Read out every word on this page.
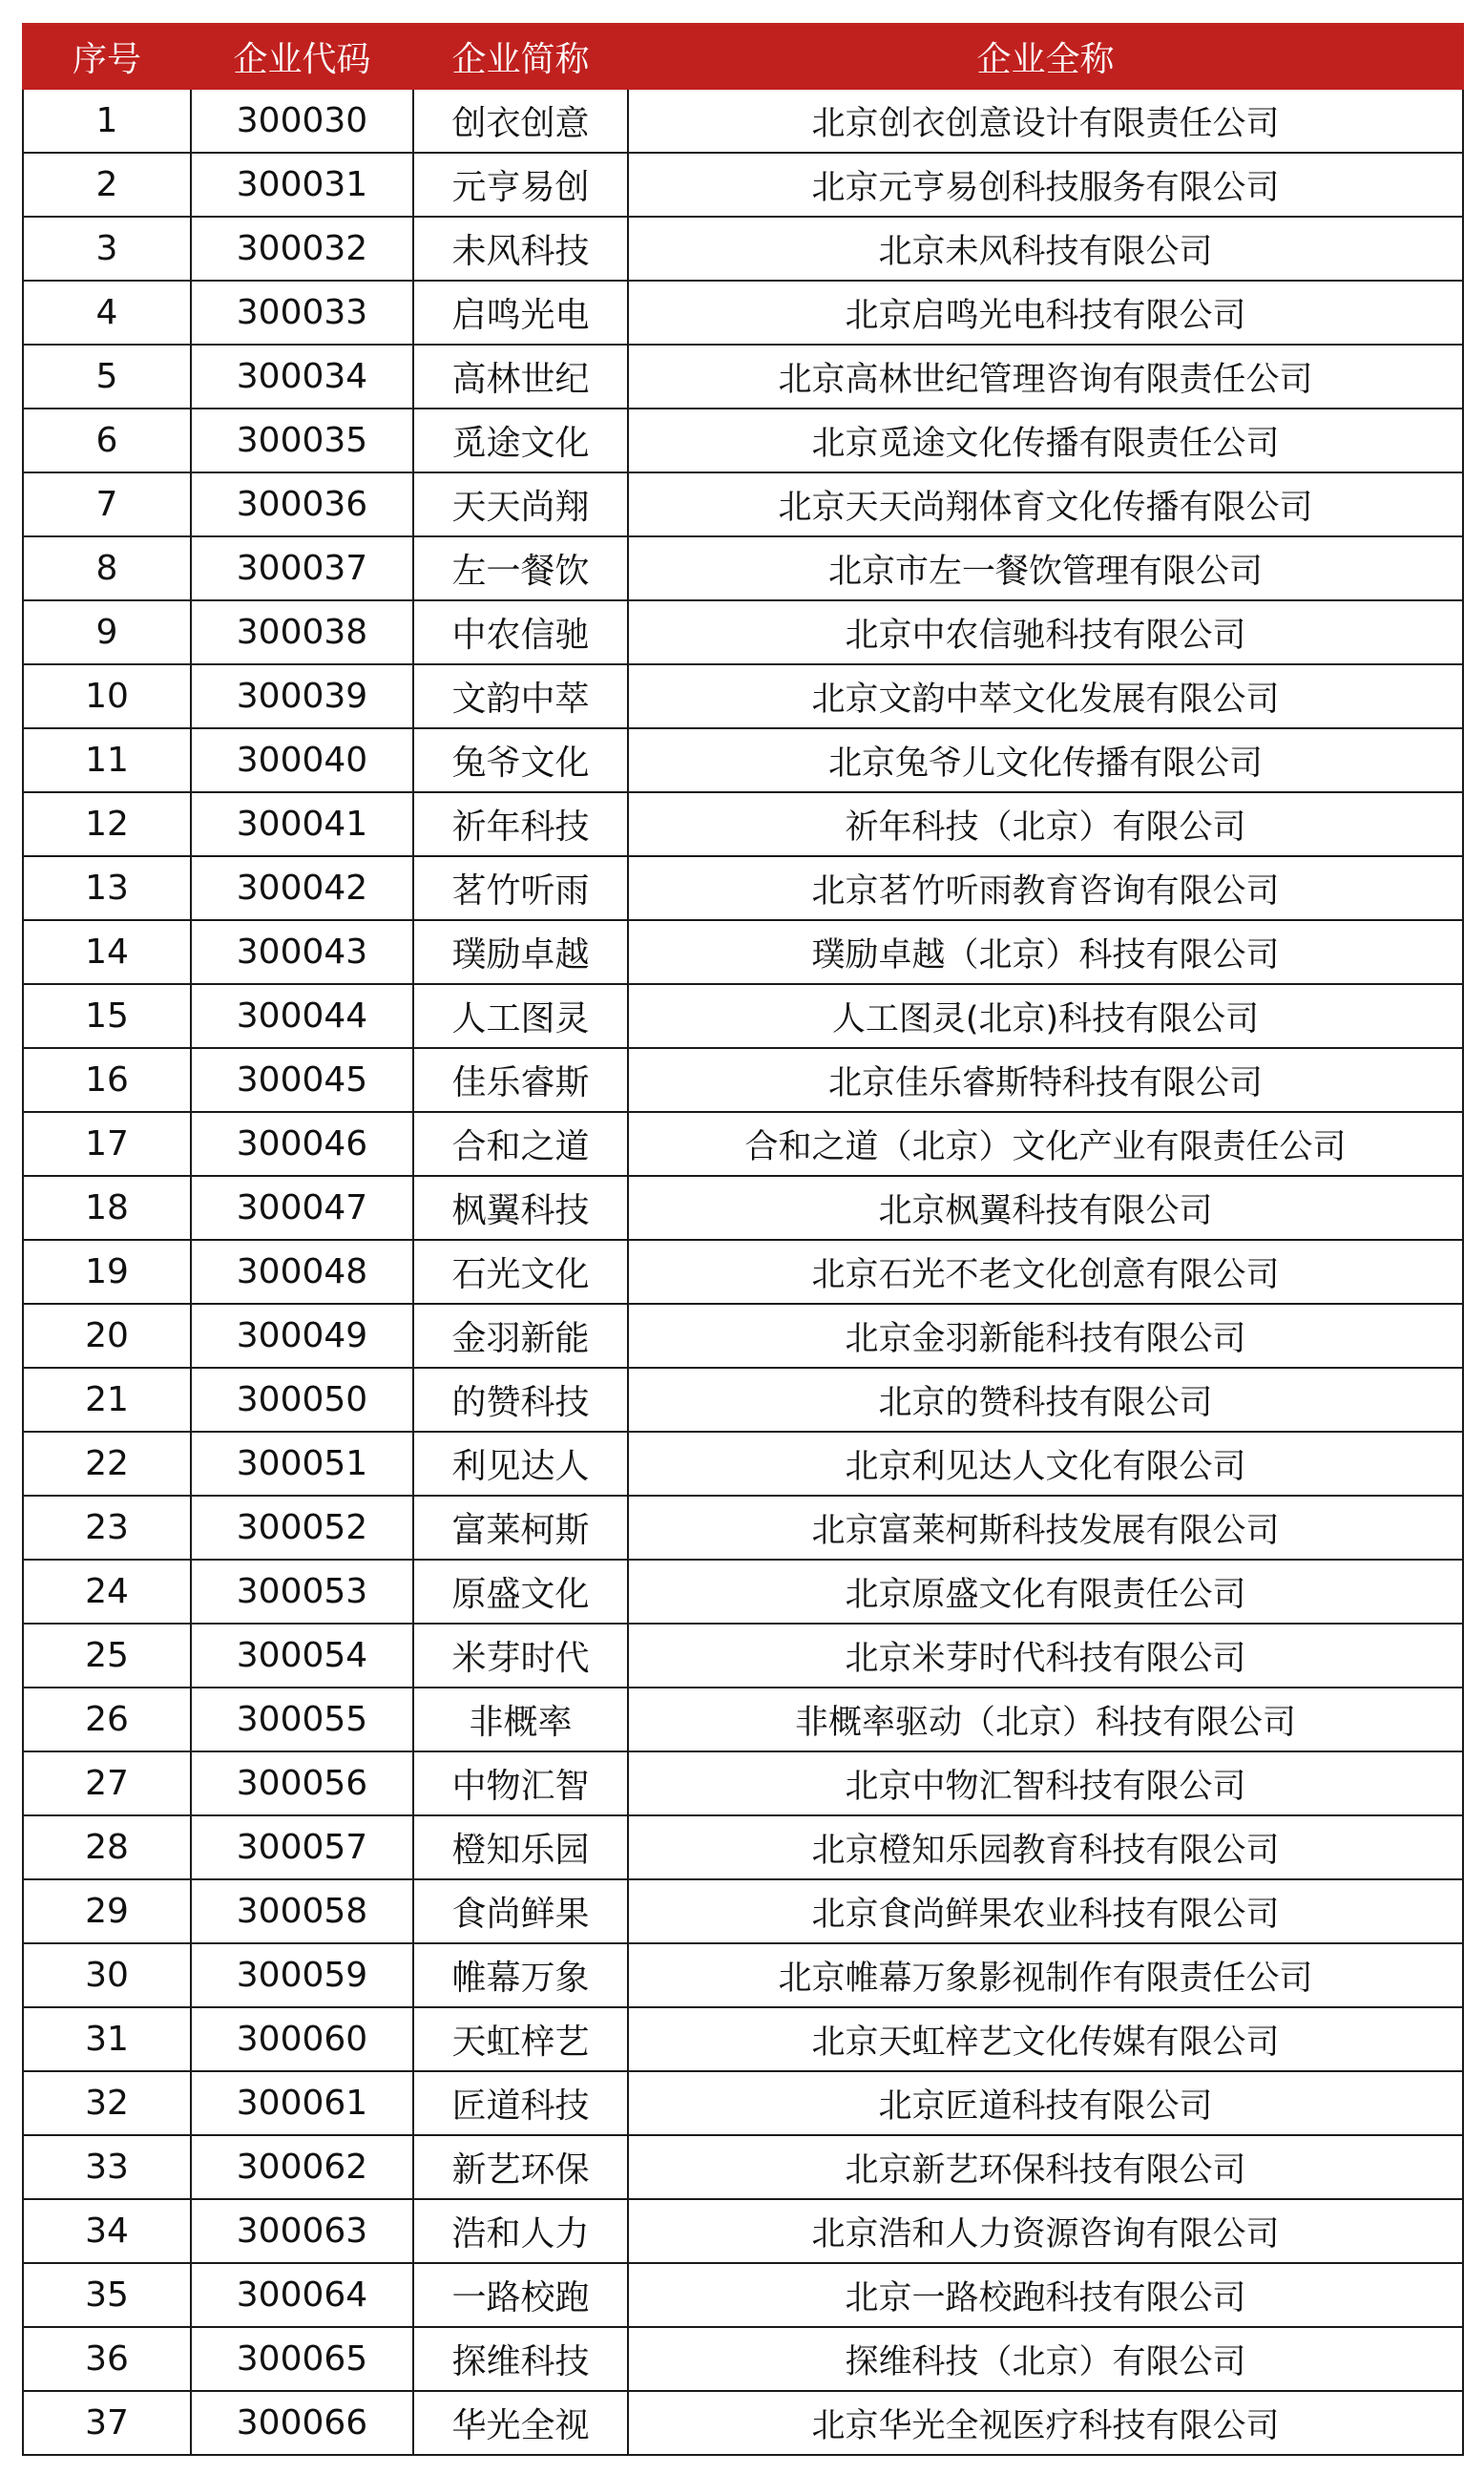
序号	企业代码	企业简称	企业全称
1	300030	创衣创意	北京创衣创意设计有限责任公司
2	300031	元亨易创	北京元亨易创科技服务有限公司
3	300032	未风科技	北京未风科技有限公司
4	300033	启鸣光电	北京启鸣光电科技有限公司
5	300034	高林世纪	北京高林世纪管理咨询有限责任公司
6	300035	觅途文化	北京觅途文化传播有限责任公司
7	300036	天天尚翔	北京天天尚翔体育文化传播有限公司
8	300037	左一餐饮	北京市左一餐饮管理有限公司
9	300038	中农信驰	北京中农信驰科技有限公司
10	300039	文韵中萃	北京文韵中萃文化发展有限公司
11	300040	兔爷文化	北京兔爷儿文化传播有限公司
12	300041	祈年科技	祈年科技（北京）有限公司
13	300042	茗竹听雨	北京茗竹听雨教育咨询有限公司
14	300043	璞励卓越	璞励卓越（北京）科技有限公司
15	300044	人工图灵	人工图灵(北京)科技有限公司
16	300045	佳乐睿斯	北京佳乐睿斯特科技有限公司
17	300046	合和之道	合和之道（北京）文化产业有限责任公司
18	300047	枫翼科技	北京枫翼科技有限公司
19	300048	石光文化	北京石光不老文化创意有限公司
20	300049	金羽新能	北京金羽新能科技有限公司
21	300050	的赞科技	北京的赞科技有限公司
22	300051	利见达人	北京利见达人文化有限公司
23	300052	富莱柯斯	北京富莱柯斯科技发展有限公司
24	300053	原盛文化	北京原盛文化有限责任公司
25	300054	米芽时代	北京米芽时代科技有限公司
26	300055	非概率	非概率驱动（北京）科技有限公司
27	300056	中物汇智	北京中物汇智科技有限公司
28	300057	橙知乐园	北京橙知乐园教育科技有限公司
29	300058	食尚鲜果	北京食尚鲜果农业科技有限公司
30	300059	帷幕万象	北京帷幕万象影视制作有限责任公司
31	300060	天虹梓艺	北京天虹梓艺文化传媒有限公司
32	300061	匠道科技	北京匠道科技有限公司
33	300062	新艺环保	北京新艺环保科技有限公司
34	300063	浩和人力	北京浩和人力资源咨询有限公司
35	300064	一路校跑	北京一路校跑科技有限公司
36	300065	探维科技	探维科技（北京）有限公司
37	300066	华光全视	北京华光全视医疗科技有限公司
